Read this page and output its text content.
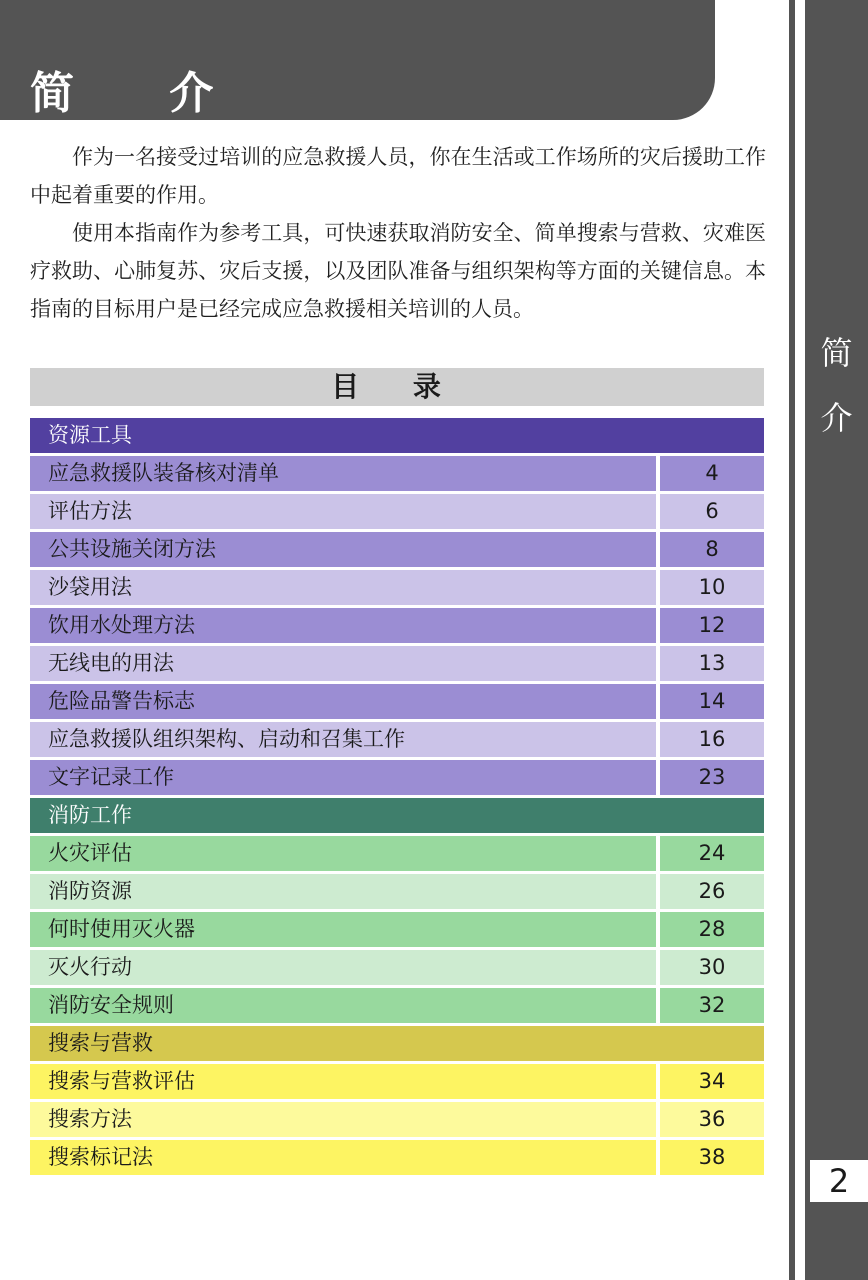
简 介
简
介
2

作为一名接受过培训的应急救援人员，你在生活或工作场所的灾后援助工作中起着重要的作用。

使用本指南作为参考工具，可快速获取消防安全、简单搜索与营救、灾难医疗救助、心肺复苏、灾后支援，以及团队准备与组织架构等方面的关键信息。本指南的目标用户是已经完成应急救援相关培训的人员。

目 录
资源工具
应急救援队装备核对清单	4
评估方法	6
公共设施关闭方法	8
沙袋用法	10
饮用水处理方法	12
无线电的用法	13
危险品警告标志	14
应急救援队组织架构、启动和召集工作	16
文字记录工作	23
消防工作
火灾评估	24
消防资源	26
何时使用灭火器	28
灭火行动	30
消防安全规则	32
搜索与营救
搜索与营救评估	34
搜索方法	36
搜索标记法	38
